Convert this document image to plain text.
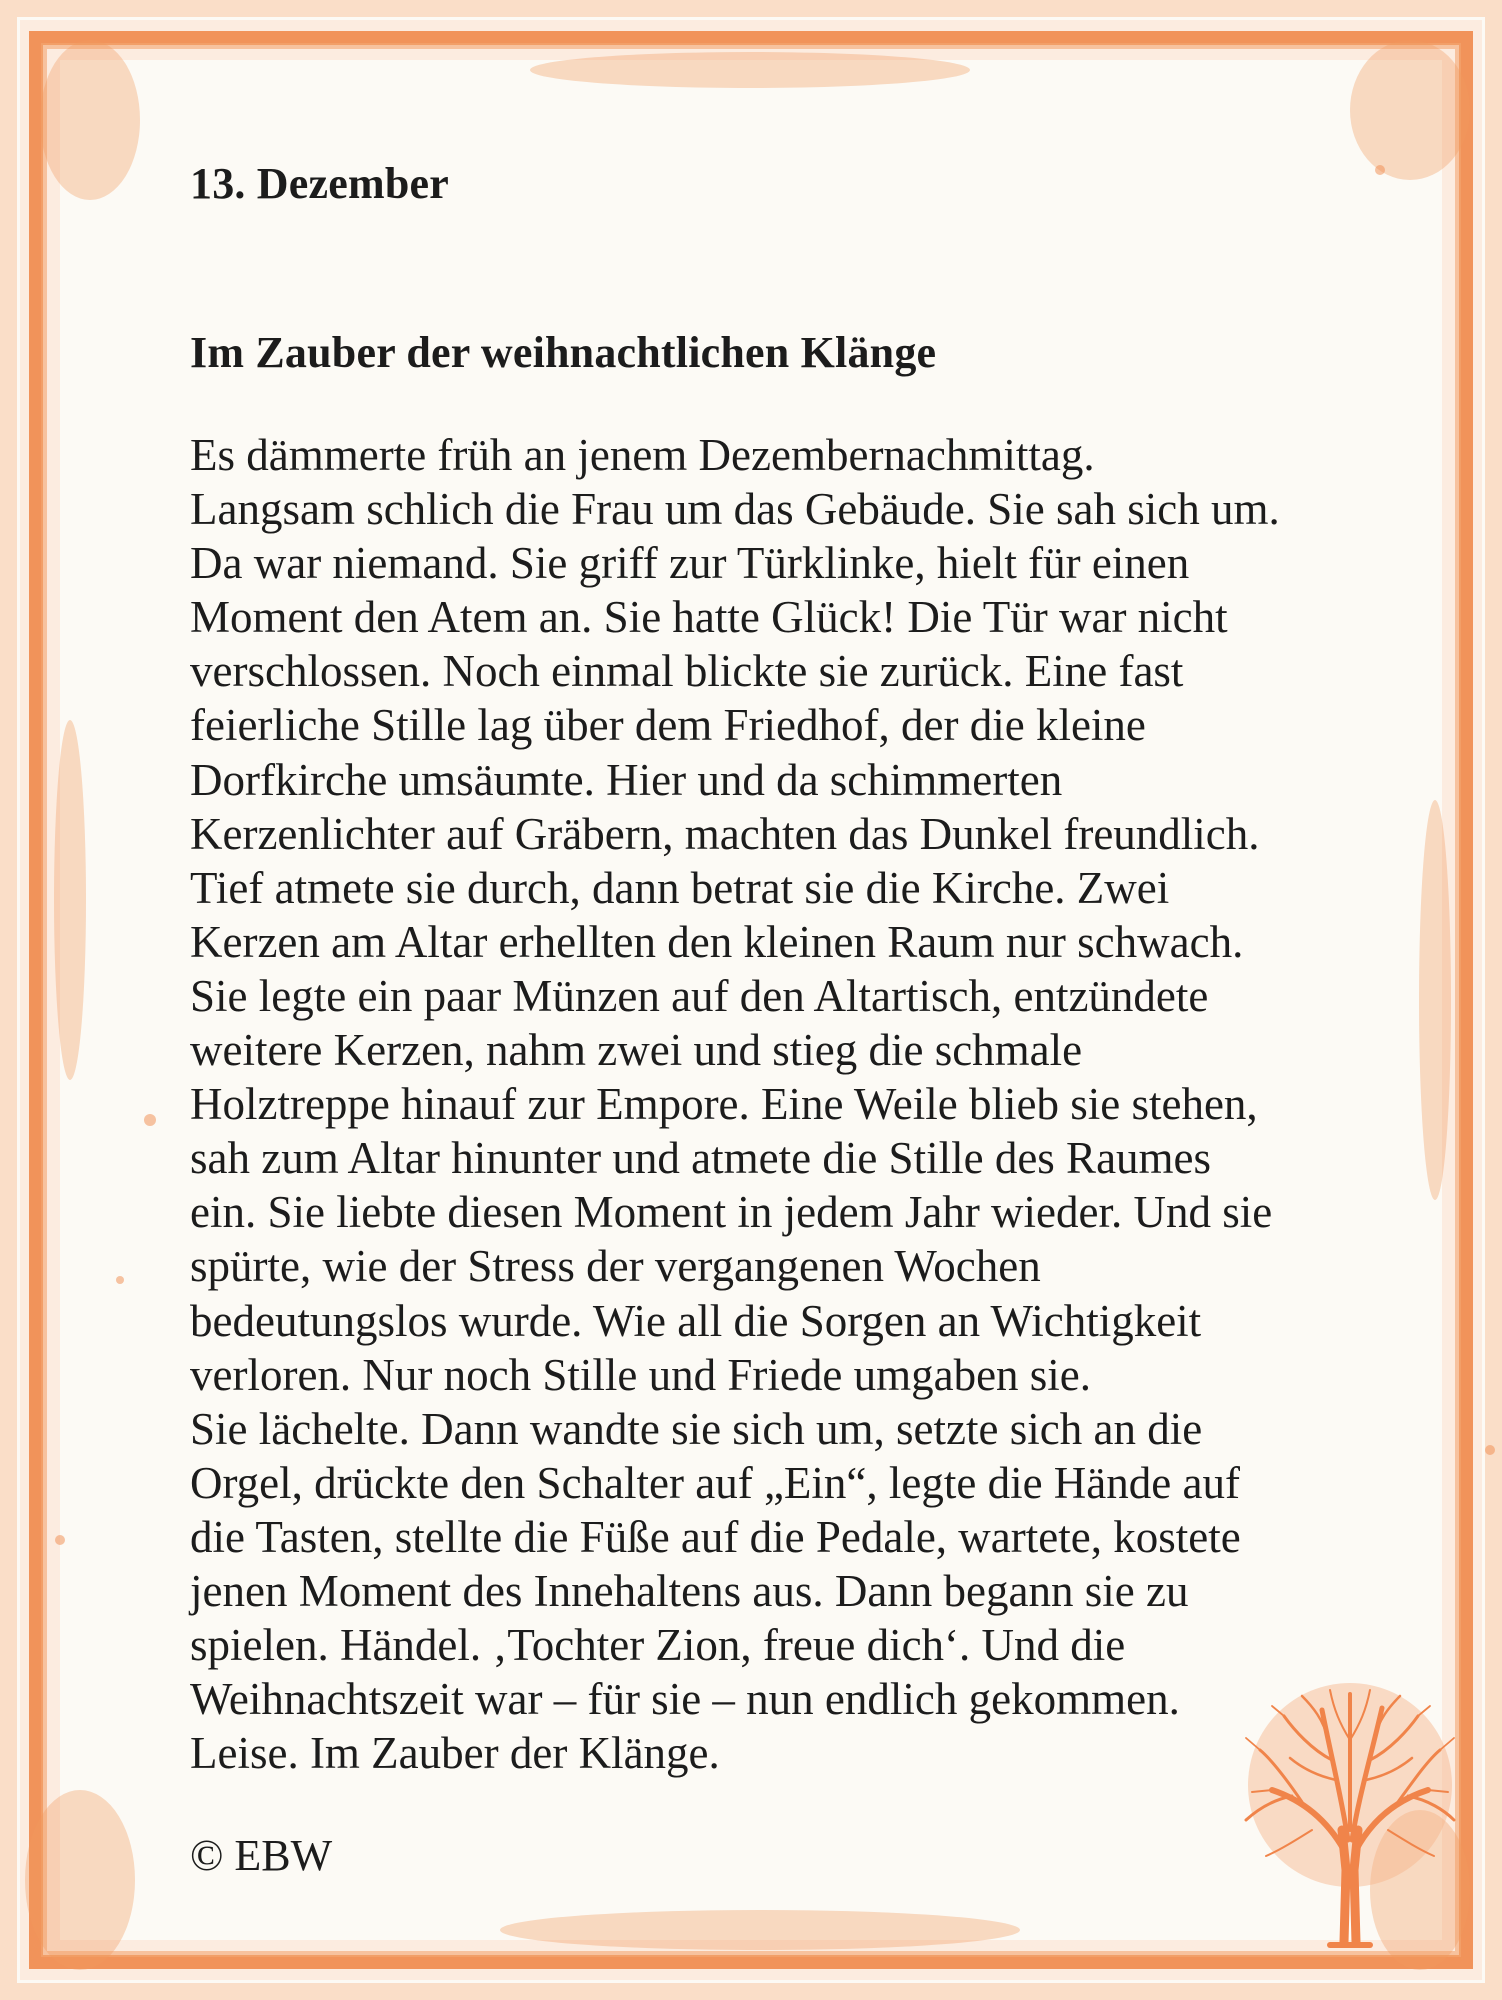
13. Dezember
Im Zauber der weihnachtlichen Klänge
Es dämmerte früh an jenem Dezembernachmittag.
Langsam schlich die Frau um das Gebäude. Sie sah sich um.
Da war niemand. Sie griff zur Türklinke, hielt für einen
Moment den Atem an. Sie hatte Glück! Die Tür war nicht
verschlossen. Noch einmal blickte sie zurück. Eine fast
feierliche Stille lag über dem Friedhof, der die kleine
Dorfkirche umsäumte. Hier und da schimmerten
Kerzenlichter auf Gräbern, machten das Dunkel freundlich.
Tief atmete sie durch, dann betrat sie die Kirche. Zwei
Kerzen am Altar erhellten den kleinen Raum nur schwach.
Sie legte ein paar Münzen auf den Altartisch, entzündete
weitere Kerzen, nahm zwei und stieg die schmale
Holztreppe hinauf zur Empore. Eine Weile blieb sie stehen,
sah zum Altar hinunter und atmete die Stille des Raumes
ein. Sie liebte diesen Moment in jedem Jahr wieder. Und sie
spürte, wie der Stress der vergangenen Wochen
bedeutungslos wurde. Wie all die Sorgen an Wichtigkeit
verloren. Nur noch Stille und Friede umgaben sie.
Sie lächelte. Dann wandte sie sich um, setzte sich an die
Orgel, drückte den Schalter auf „Ein“, legte die Hände auf
die Tasten, stellte die Füße auf die Pedale, wartete, kostete
jenen Moment des Innehaltens aus. Dann begann sie zu
spielen. Händel. ‚Tochter Zion, freue dich‘. Und die
Weihnachtszeit war – für sie – nun endlich gekommen.
Leise. Im Zauber der Klänge.
© EBW
